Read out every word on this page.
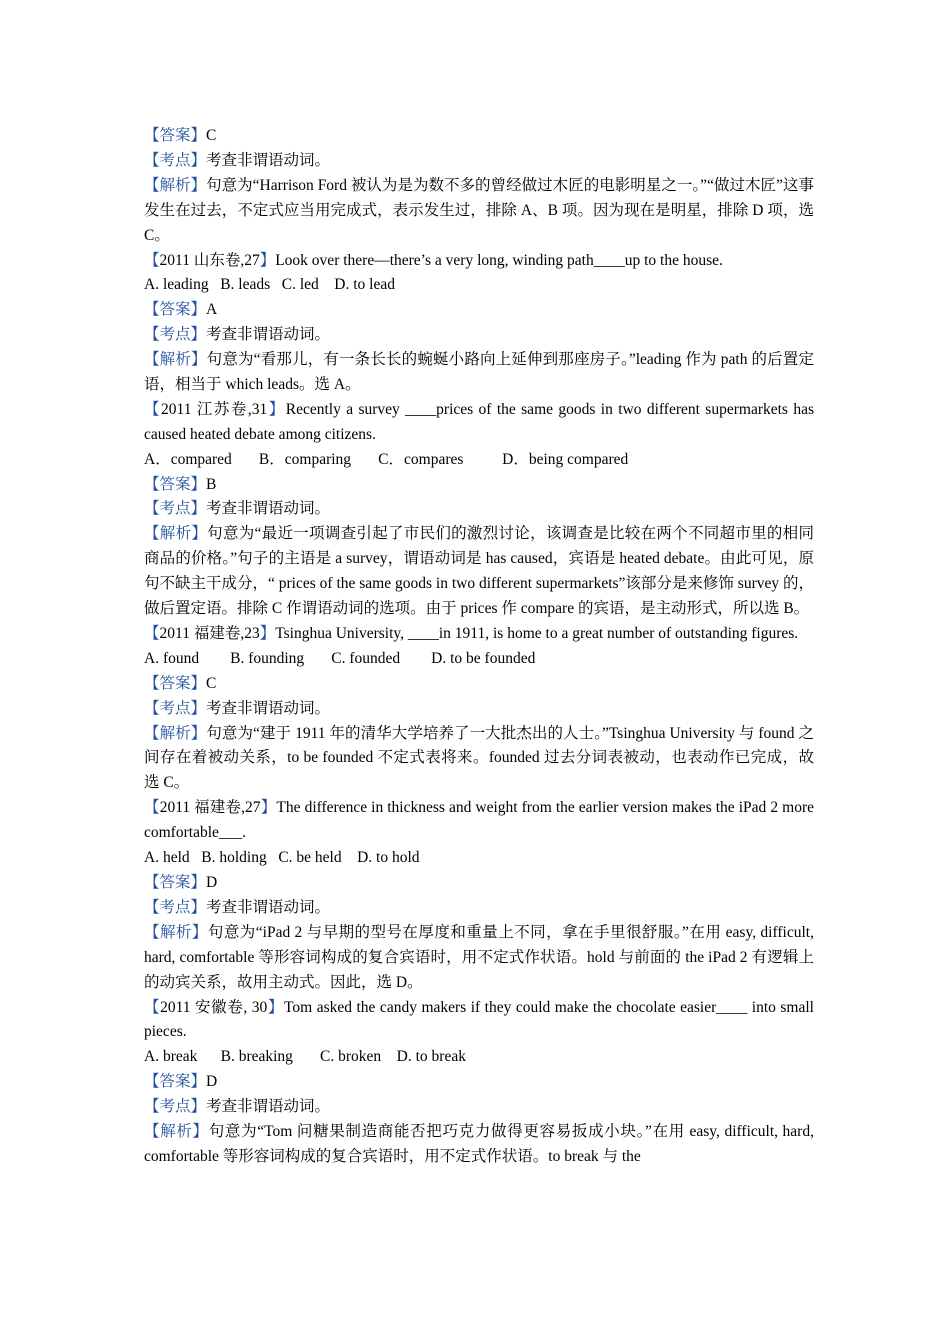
【答案】C
【考点】考查非谓语动词。
【解析】句意为“Harrison Ford 被认为是为数不多的曾经做过木匠的电影明星之一。”“做过木匠”这事发生在过去，不定式应当用完成式，表示发生过，排除 A、B 项。因为现在是明星，排除 D 项，选 C。
【2011 山东卷,27】Look over there—there’s a very long, winding path____up to the house.
A. leading   B. leads   C. led    D. to lead
【答案】A
【考点】考查非谓语动词。
【解析】句意为“看那儿，有一条长长的蜿蜒小路向上延伸到那座房子。”leading 作为 path 的后置定语，相当于 which leads。选 A。
【2011 江苏卷,31】Recently a survey ____prices of the same goods in two different supermarkets has caused heated debate among citizens.
A．compared       B．comparing       C．compares          D．being compared
【答案】B
【考点】考查非谓语动词。
【解析】句意为“最近一项调查引起了市民们的激烈讨论，该调查是比较在两个不同超市里的相同商品的价格。”句子的主语是 a survey，谓语动词是 has caused，宾语是 heated debate。由此可见，原句不缺主干成分，“ prices of the same goods in two different supermarkets”该部分是来修饰 survey 的，做后置定语。排除 C 作谓语动词的选项。由于 prices 作 compare 的宾语，是主动形式，所以选 B。
【2011 福建卷,23】Tsinghua University, ____in 1911, is home to a great number of outstanding figures.
A. found        B. founding       C. founded        D. to be founded
【答案】C
【考点】考查非谓语动词。
【解析】句意为“建于 1911 年的清华大学培养了一大批杰出的人士。”Tsinghua University 与 found 之间存在着被动关系，to be founded 不定式表将来。founded 过去分词表被动，也表动作已完成，故选 C。
【2011 福建卷,27】The difference in thickness and weight from the earlier version makes the iPad 2 more comfortable___.
A. held   B. holding   C. be held    D. to hold
【答案】D
【考点】考查非谓语动词。
【解析】句意为“iPad 2 与早期的型号在厚度和重量上不同，拿在手里很舒服。”在用 easy, difficult, hard, comfortable 等形容词构成的复合宾语时，用不定式作状语。hold 与前面的 the iPad 2 有逻辑上的动宾关系，故用主动式。因此，选 D。
【2011 安徽卷, 30】Tom asked the candy makers if they could make the chocolate easier____ into small pieces.
A. break      B. breaking       C. broken    D. to break
【答案】D
【考点】考查非谓语动词。
【解析】句意为“Tom 问糖果制造商能否把巧克力做得更容易扳成小块。”在用 easy, difficult, hard, comfortable 等形容词构成的复合宾语时，用不定式作状语。to break 与 the
